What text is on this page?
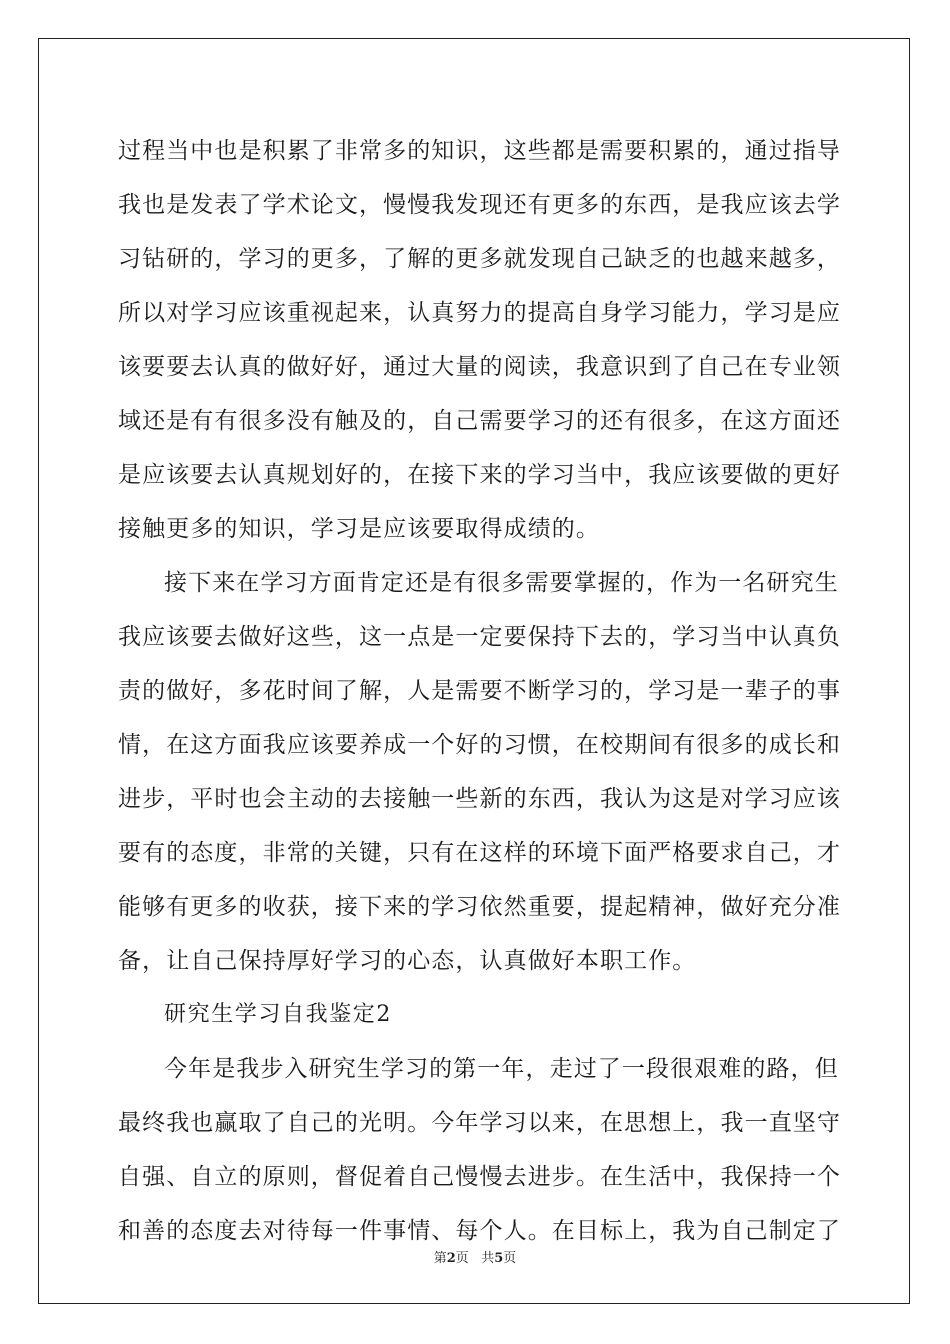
过程当中也是积累了非常多的知识，这些都是需要积累的，通过指导
我也是发表了学术论文，慢慢我发现还有更多的东西，是我应该去学
习钻研的，学习的更多，了解的更多就发现自己缺乏的也越来越多，
所以对学习应该重视起来，认真努力的提高自身学习能力，学习是应
该要要去认真的做好好，通过大量的阅读，我意识到了自己在专业领
域还是有有很多没有触及的，自己需要学习的还有很多，在这方面还
是应该要去认真规划好的，在接下来的学习当中，我应该要做的更好
接触更多的知识，学习是应该要取得成绩的。
接下来在学习方面肯定还是有很多需要掌握的，作为一名研究生
我应该要去做好这些，这一点是一定要保持下去的，学习当中认真负
责的做好，多花时间了解，人是需要不断学习的，学习是一辈子的事
情，在这方面我应该要养成一个好的习惯，在校期间有很多的成长和
进步，平时也会主动的去接触一些新的东西，我认为这是对学习应该
要有的态度，非常的关键，只有在这样的环境下面严格要求自己，才
能够有更多的收获，接下来的学习依然重要，提起精神，做好充分准
备，让自己保持厚好学习的心态，认真做好本职工作。
研究生学习自我鉴定2
今年是我步入研究生学习的第一年，走过了一段很艰难的路，但
最终我也赢取了自己的光明。今年学习以来，在思想上，我一直坚守
自强、自立的原则，督促着自己慢慢去进步。在生活中，我保持一个
和善的态度去对待每一件事情、每个人。在目标上，我为自己制定了
第2页 共5页
